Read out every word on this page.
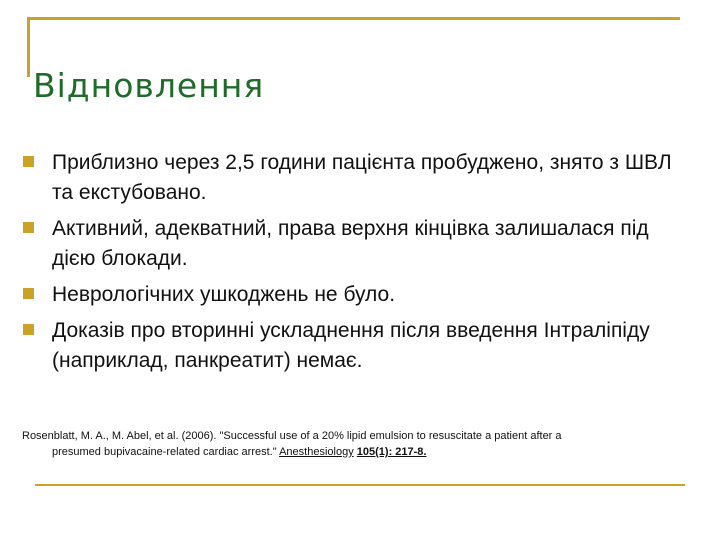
Відновлення
Приблизно через 2,5 години пацієнта пробуджено, знято з ШВЛ та екстубовано.
Активний, адекватний, права верхня кінцівка залишалася під дією блокади.
Неврологічних ушкоджень не було.
Доказів про вторинні ускладнення після введення Інтраліпіду (наприклад, панкреатит) немає.
Rosenblatt, M. A., M. Abel, et al. (2006). "Successful use of a 20% lipid emulsion to resuscitate a patient after a
presumed bupivacaine-related cardiac arrest." Anesthesiology 105(1): 217-8.
